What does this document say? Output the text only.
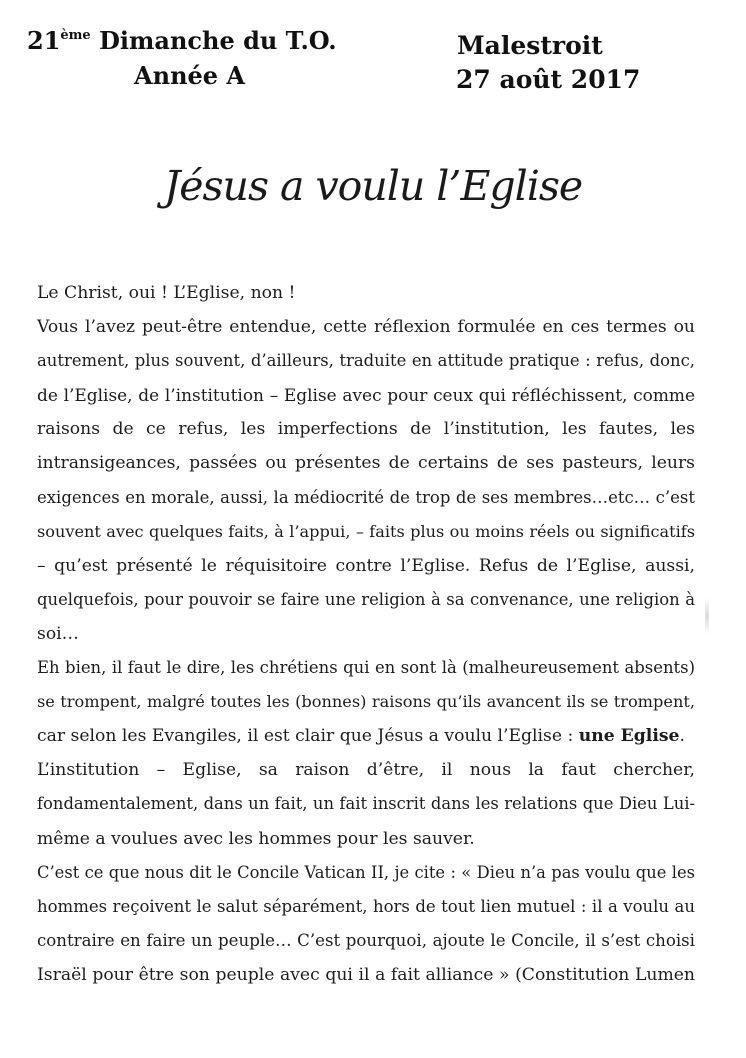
21ème Dimanche du T.O.
Année A
Malestroit
27 août 2017
Jésus a voulu l’Eglise
Le Christ, oui ! L’Eglise, non !
Vous l’avez peut-être entendue, cette réflexion formulée en ces termes ou
autrement, plus souvent, d’ailleurs, traduite en attitude pratique : refus, donc,
de l’Eglise, de l’institution – Eglise avec pour ceux qui réfléchissent, comme
raisons de ce refus, les imperfections de l’institution, les fautes, les
intransigeances, passées ou présentes de certains de ses pasteurs, leurs
exigences en morale, aussi, la médiocrité de trop de ses membres…etc… c’est
souvent avec quelques faits, à l’appui, – faits plus ou moins réels ou significatifs
– qu’est présenté le réquisitoire contre l’Eglise. Refus de l’Eglise, aussi,
quelquefois, pour pouvoir se faire une religion à sa convenance, une religion à
soi…
Eh bien, il faut le dire, les chrétiens qui en sont là (malheureusement absents)
se trompent, malgré toutes les (bonnes) raisons qu’ils avancent ils se trompent,
car selon les Evangiles, il est clair que Jésus a voulu l’Eglise : une Eglise.
L’institution – Eglise, sa raison d’être, il nous la faut chercher,
fondamentalement, dans un fait, un fait inscrit dans les relations que Dieu Lui-
même a voulues avec les hommes pour les sauver.
C’est ce que nous dit le Concile Vatican II, je cite : « Dieu n’a pas voulu que les
hommes reçoivent le salut séparément, hors de tout lien mutuel : il a voulu au
contraire en faire un peuple… C’est pourquoi, ajoute le Concile, il s’est choisi
Israël pour être son peuple avec qui il a fait alliance » (Constitution Lumen
